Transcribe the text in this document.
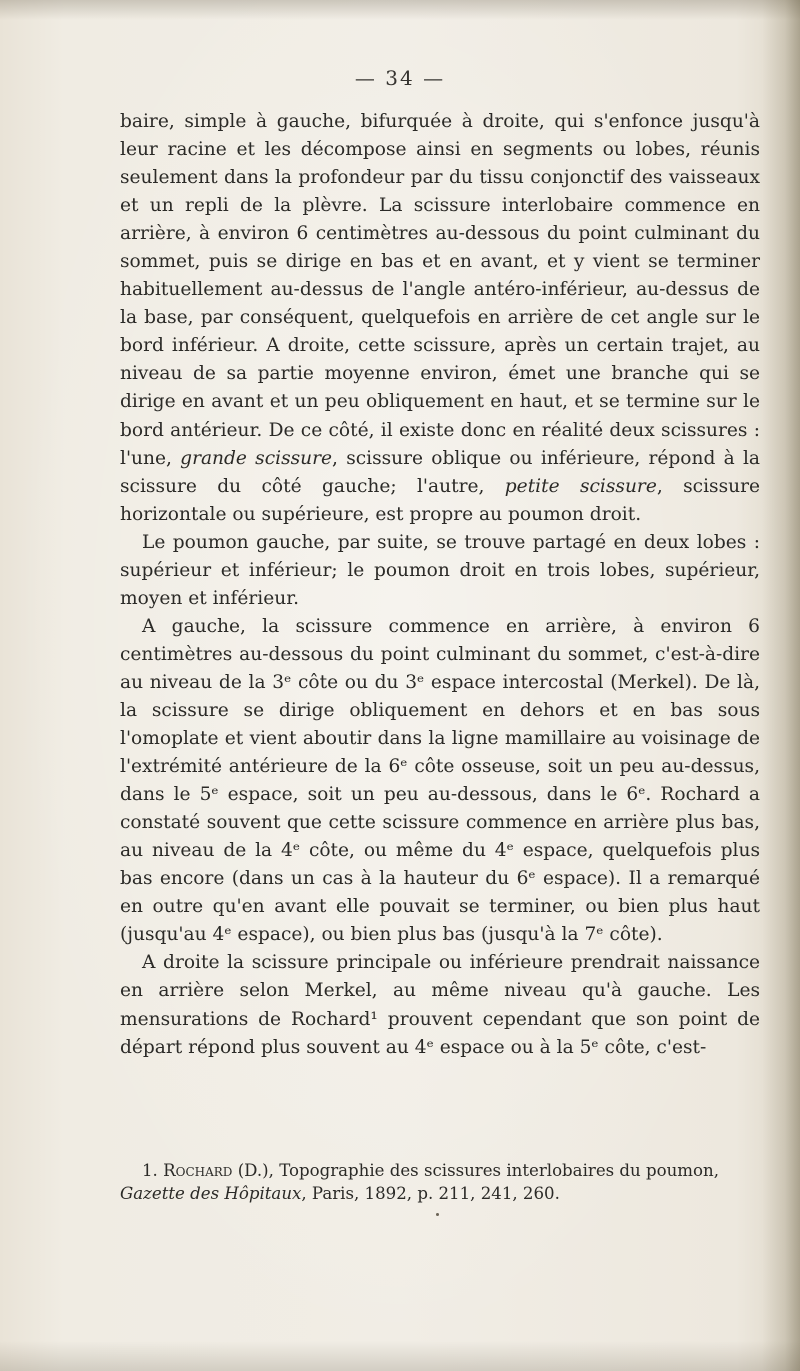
— 34 —

baire, simple à gauche, bifurquée à droite, qui s'enfonce jusqu'à leur racine et les décompose ainsi en segments ou lobes, réunis seulement dans la profondeur par du tissu conjonctif des vaisseaux et un repli de la plèvre. La scissure interlobaire commence en arrière, à environ 6 centimètres au-dessous du point culminant du sommet, puis se dirige en bas et en avant, et y vient se terminer habituellement au-dessus de l'angle antéro-inférieur, au-dessus de la base, par conséquent, quelquefois en arrière de cet angle sur le bord inférieur. A droite, cette scissure, après un certain trajet, au niveau de sa partie moyenne environ, émet une branche qui se dirige en avant et un peu obliquement en haut, et se termine sur le bord antérieur. De ce côté, il existe donc en réalité deux scissures : l'une, grande scissure, scissure oblique ou inférieure, répond à la scissure du côté gauche; l'autre, petite scissure, scissure horizontale ou supérieure, est propre au poumon droit.

Le poumon gauche, par suite, se trouve partagé en deux lobes : supérieur et inférieur; le poumon droit en trois lobes, supérieur, moyen et inférieur.

A gauche, la scissure commence en arrière, à environ 6 centimètres au-dessous du point culminant du sommet, c'est-à-dire au niveau de la 3ᵉ côte ou du 3ᵉ espace intercostal (Merkel). De là, la scissure se dirige obliquement en dehors et en bas sous l'omoplate et vient aboutir dans la ligne mamillaire au voisinage de l'extrémité antérieure de la 6ᵉ côte osseuse, soit un peu au-dessus, dans le 5ᵉ espace, soit un peu au-dessous, dans le 6ᵉ. Rochard a constaté souvent que cette scissure commence en arrière plus bas, au niveau de la 4ᵉ côte, ou même du 4ᵉ espace, quelquefois plus bas encore (dans un cas à la hauteur du 6ᵉ espace). Il a remarqué en outre qu'en avant elle pouvait se terminer, ou bien plus haut (jusqu'au 4ᵉ espace), ou bien plus bas (jusqu'à la 7ᵉ côte).

A droite la scissure principale ou inférieure prendrait naissance en arrière selon Merkel, au même niveau qu'à gauche. Les mensurations de Rochard¹ prouvent cependant que son point de départ répond plus souvent au 4ᵉ espace ou à la 5ᵉ côte, c'est-

1. Rochard (D.), Topographie des scissures interlobaires du poumon, Gazette des Hôpitaux, Paris, 1892, p. 211, 241, 260.
